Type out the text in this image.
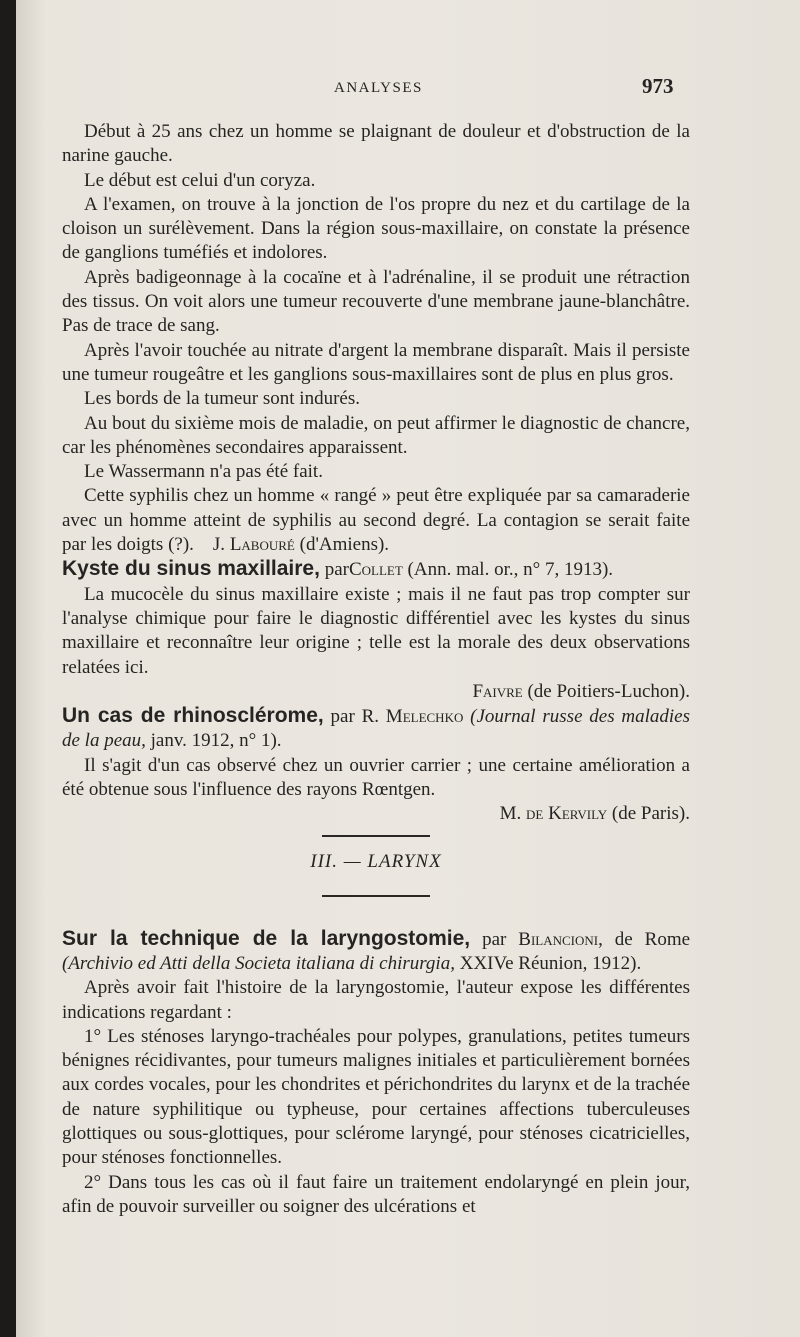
ANALYSES	973

Début à 25 ans chez un homme se plaignant de douleur et d'obstruction de la narine gauche.

Le début est celui d'un coryza.

A l'examen, on trouve à la jonction de l'os propre du nez et du cartilage de la cloison un surélèvement. Dans la région sous-maxillaire, on constate la présence de ganglions tuméfiés et indolores.

Après badigeonnage à la cocaïne et à l'adrénaline, il se produit une rétraction des tissus. On voit alors une tumeur recouverte d'une membrane jaune-blanchâtre. Pas de trace de sang.

Après l'avoir touchée au nitrate d'argent la membrane disparaît. Mais il persiste une tumeur rougeâtre et les ganglions sous-maxillaires sont de plus en plus gros.

Les bords de la tumeur sont indurés.

Au bout du sixième mois de maladie, on peut affirmer le diagnostic de chancre, car les phénomènes secondaires apparaissent.

Le Wassermann n'a pas été fait.

Cette syphilis chez un homme « rangé » peut être expliquée par sa camaraderie avec un homme atteint de syphilis au second degré. La contagion se serait faite par les doigts (?). J. Labouré (d'Amiens).

Kyste du sinus maxillaire, parCollet (Ann. mal. or., n° 7, 1913).

La mucocèle du sinus maxillaire existe ; mais il ne faut pas trop compter sur l'analyse chimique pour faire le diagnostic différentiel avec les kystes du sinus maxillaire et reconnaître leur origine ; telle est la morale des deux observations relatées ici.

Faivre (de Poitiers-Luchon).

Un cas de rhinosclérome, par R. Melechko (Journal russe des maladies de la peau, janv. 1912, n° 1).

Il s'agit d'un cas observé chez un ouvrier carrier ; une certaine amélioration a été obtenue sous l'influence des rayons Rœntgen.

M. de Kervily (de Paris).

III. — LARYNX

Sur la technique de la laryngostomie, par Bilancioni, de Rome (Archivio ed Atti della Societa italiana di chirurgia, XXIVe Réunion, 1912).

Après avoir fait l'histoire de la laryngostomie, l'auteur expose les différentes indications regardant :

1° Les sténoses laryngo-trachéales pour polypes, granulations, petites tumeurs bénignes récidivantes, pour tumeurs malignes initiales et particulièrement bornées aux cordes vocales, pour les chondrites et périchondrites du larynx et de la trachée de nature syphilitique ou typheuse, pour certaines affections tuberculeuses glottiques ou sous-glottiques, pour sclérome laryngé, pour sténoses cicatricielles, pour sténoses fonctionnelles.

2° Dans tous les cas où il faut faire un traitement endolaryngé en plein jour, afin de pouvoir surveiller ou soigner des ulcérations et
